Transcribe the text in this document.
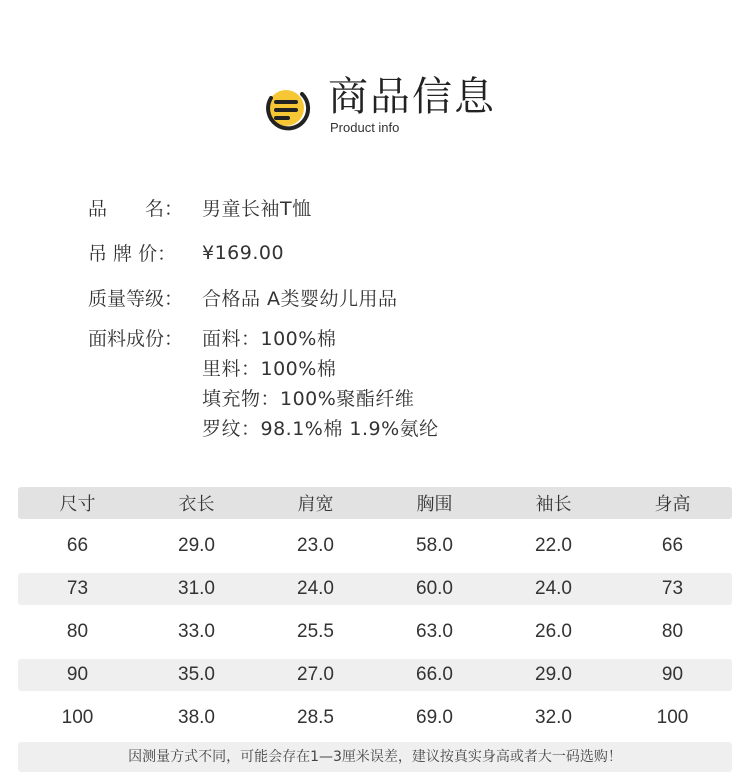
商品信息
Product info
品　　名： 男童长袖T恤
吊 牌 价：	¥169.00
质量等级： 合格品 A类婴幼儿用品
面料成份： 面料：100%棉
里料：100%棉
填充物：100%聚酯纤维
罗纹：98.1%棉 1.9%氨纶
尺寸	衣长	肩宽	胸围	袖长	身高
66	29.0	23.0	58.0	22.0	66
73	31.0	24.0	60.0	24.0	73
80	33.0	25.5	63.0	26.0	80
90	35.0	27.0	66.0	29.0	90
100	38.0	28.5	69.0	32.0	100
因测量方式不同，可能会存在1—3厘米误差，建议按真实身高或者大一码选购！
